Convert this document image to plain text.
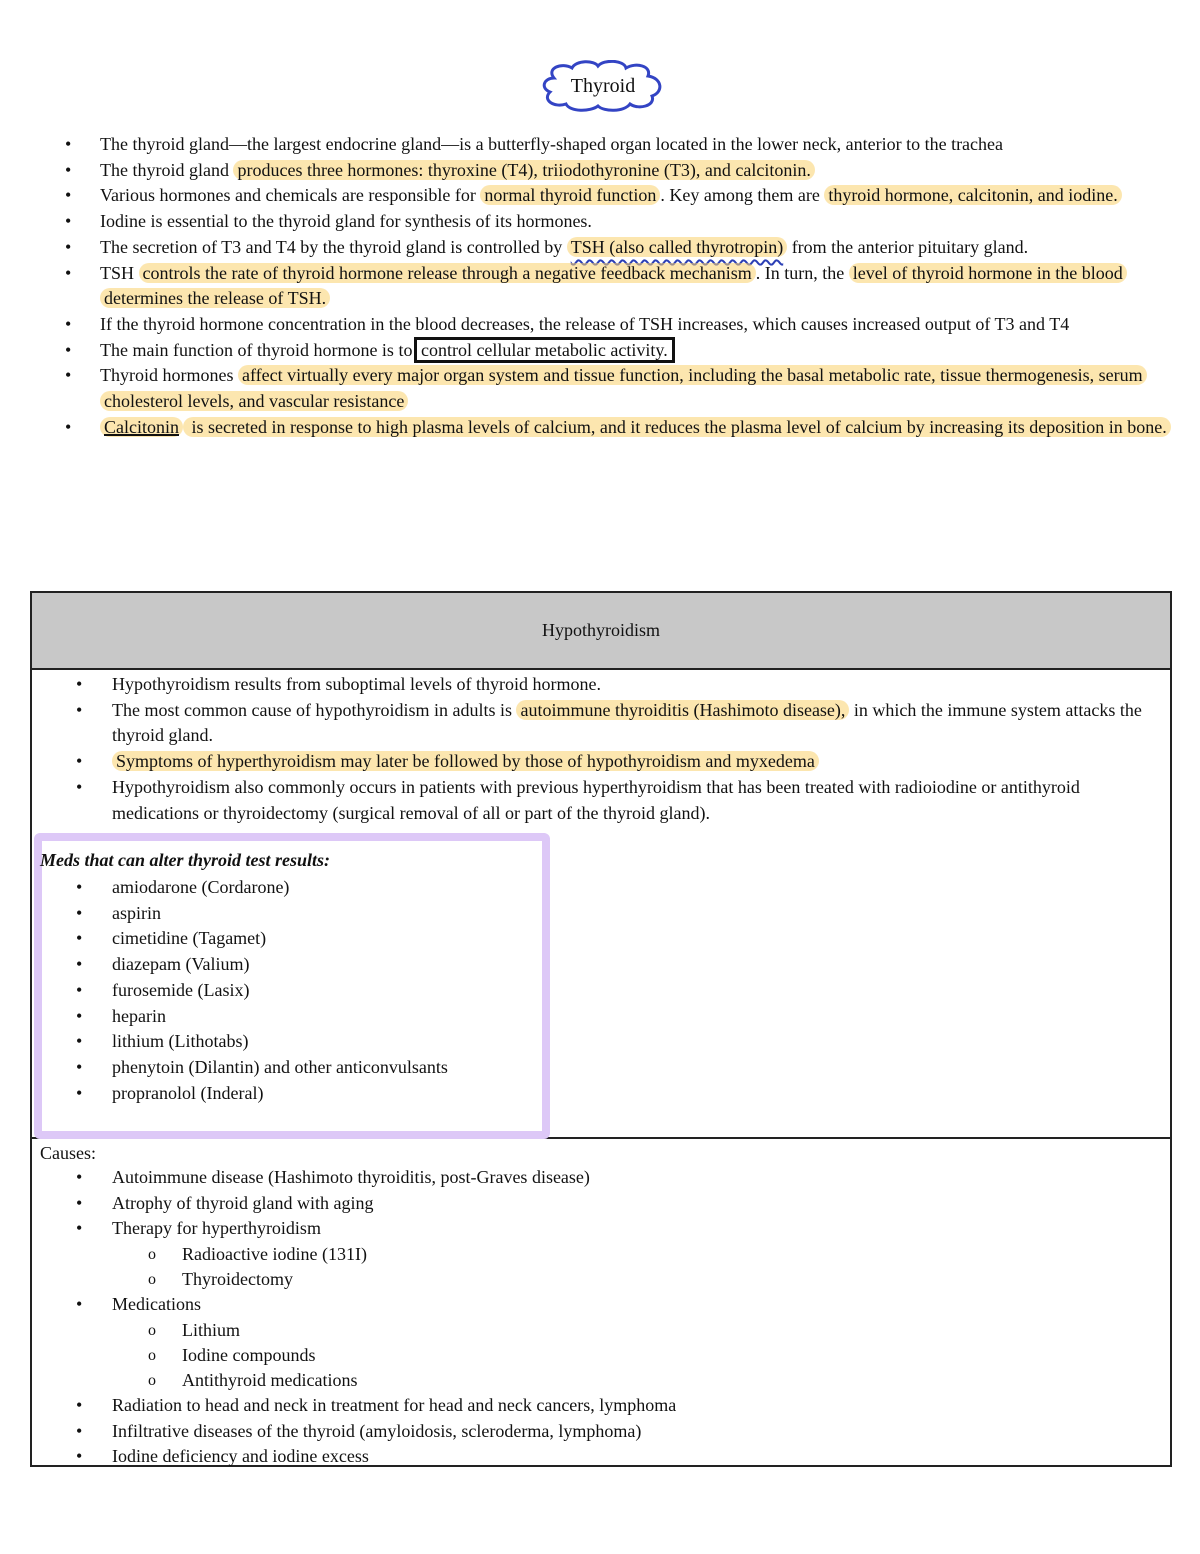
Thyroid
• The thyroid gland—the largest endocrine gland—is a butterfly-shaped organ located in the lower neck, anterior to the trachea
• The thyroid gland produces three hormones: thyroxine (T4), triiodothyronine (T3), and calcitonin.
• Various hormones and chemicals are responsible for normal thyroid function . Key among them are thyroid hormone, calcitonin, and iodine.
• Iodine is essential to the thyroid gland for synthesis of its hormones.
• The secretion of T3 and T4 by the thyroid gland is controlled by TSH (also called thyrotropin) from the anterior pituitary gland.
• TSH controls the rate of thyroid hormone release through a negative feedback mechanism . In turn, the level of thyroid hormone in the blood determines the release of TSH.
• If the thyroid hormone concentration in the blood decreases, the release of TSH increases, which causes increased output of T3 and T4
• The main function of thyroid hormone is to control cellular metabolic activity.
• Thyroid hormones affect virtually every major organ system and tissue function, including the basal metabolic rate, tissue thermogenesis, serum cholesterol levels, and vascular resistance
• Calcitonin is secreted in response to high plasma levels of calcium, and it reduces the plasma level of calcium by increasing its deposition in bone.
Hypothyroidism
• Hypothyroidism results from suboptimal levels of thyroid hormone.
• The most common cause of hypothyroidism in adults is autoimmune thyroiditis (Hashimoto disease), in which the immune system attacks the thyroid gland.
• Symptoms of hyperthyroidism may later be followed by those of hypothyroidism and myxedema
• Hypothyroidism also commonly occurs in patients with previous hyperthyroidism that has been treated with radioiodine or antithyroid medications or thyroidectomy (surgical removal of all or part of the thyroid gland).
Meds that can alter thyroid test results:
• amiodarone (Cordarone)
• aspirin
• cimetidine (Tagamet)
• diazepam (Valium)
• furosemide (Lasix)
• heparin
• lithium (Lithotabs)
• phenytoin (Dilantin) and other anticonvulsants
• propranolol (Inderal)
Causes:
• Autoimmune disease (Hashimoto thyroiditis, post-Graves disease)
• Atrophy of thyroid gland with aging
• Therapy for hyperthyroidism
o Radioactive iodine (131I)
o Thyroidectomy
• Medications
o Lithium
o Iodine compounds
o Antithyroid medications
• Radiation to head and neck in treatment for head and neck cancers, lymphoma
• Infiltrative diseases of the thyroid (amyloidosis, scleroderma, lymphoma)
• Iodine deficiency and iodine excess
